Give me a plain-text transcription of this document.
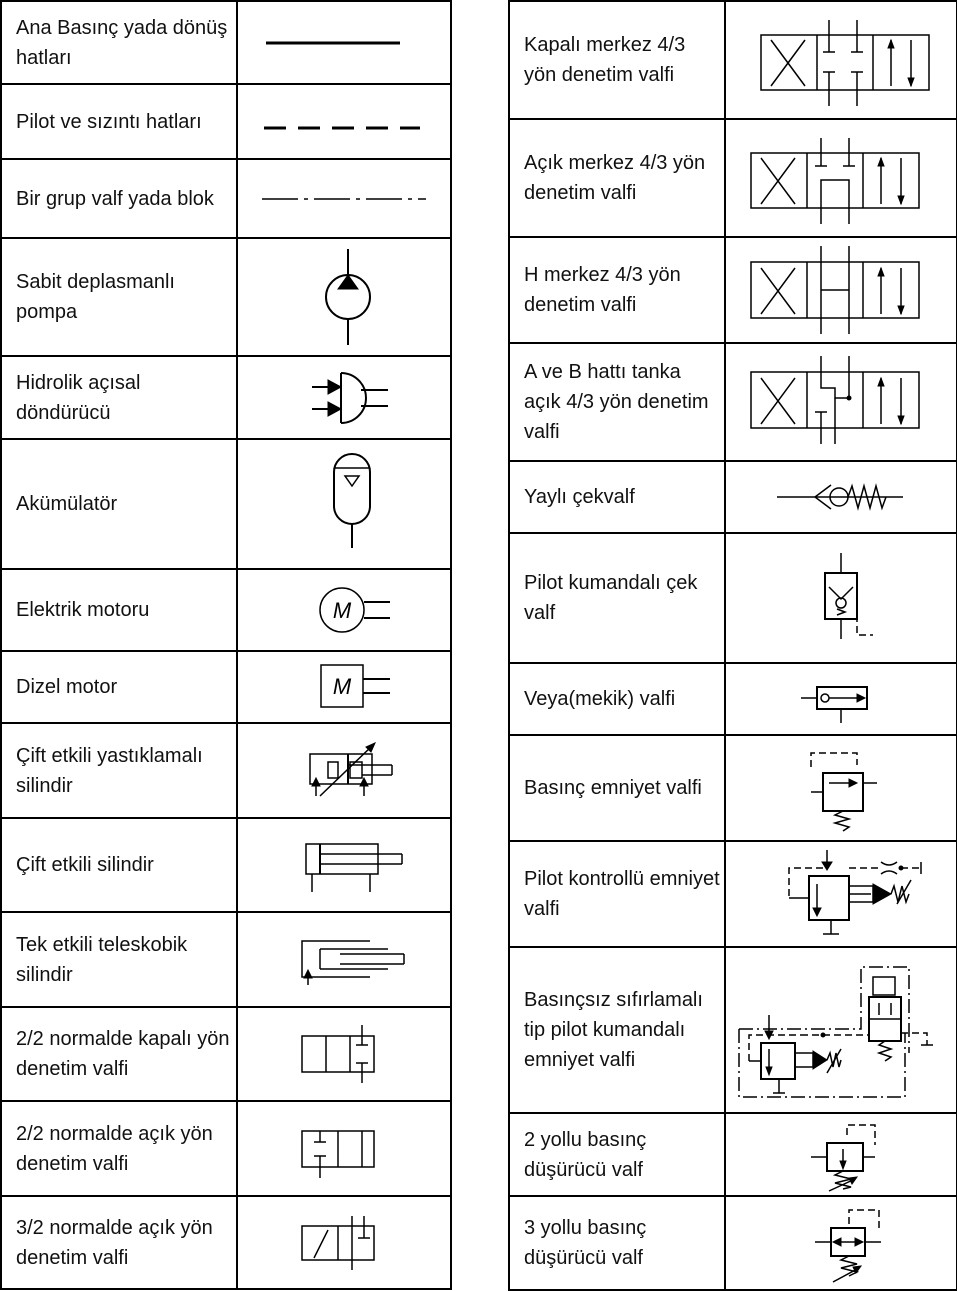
Ana Basınç yada dönüş hatları	

Pilot ve sızıntı hatları	

Bir grup valf yada blok	

Sabit deplasmanlı pompa	

Hidrolik açısal döndürücü	

Akümülatör	

Elektrik motoru	M

Dizel motor	M

Çift etkili yastıklamalı silindir	

Çift etkili silindir	

Tek etkili teleskobik silindir	

2/2 normalde kapalı yön denetim valfi	

2/2 normalde açık yön denetim valfi	

3/2 normalde açık yön denetim valfi	
Kapalı merkez 4/3 yön denetim valfi	

Açık merkez 4/3 yön denetim valfi	

H merkez 4/3 yön denetim valfi	

A ve B hattı tanka açık 4/3 yön denetim valfi	

Yaylı çekvalf	

Pilot kumandalı çek valf	

Veya(mekik) valfi	

Basınç emniyet valfi	

Pilot kontrollü emniyet valfi	

Basınçsız sıfırlamalı tip pilot kumandalı emniyet valfi	

2 yollu basınç düşürücü valf	

3 yollu basınç düşürücü valf	
